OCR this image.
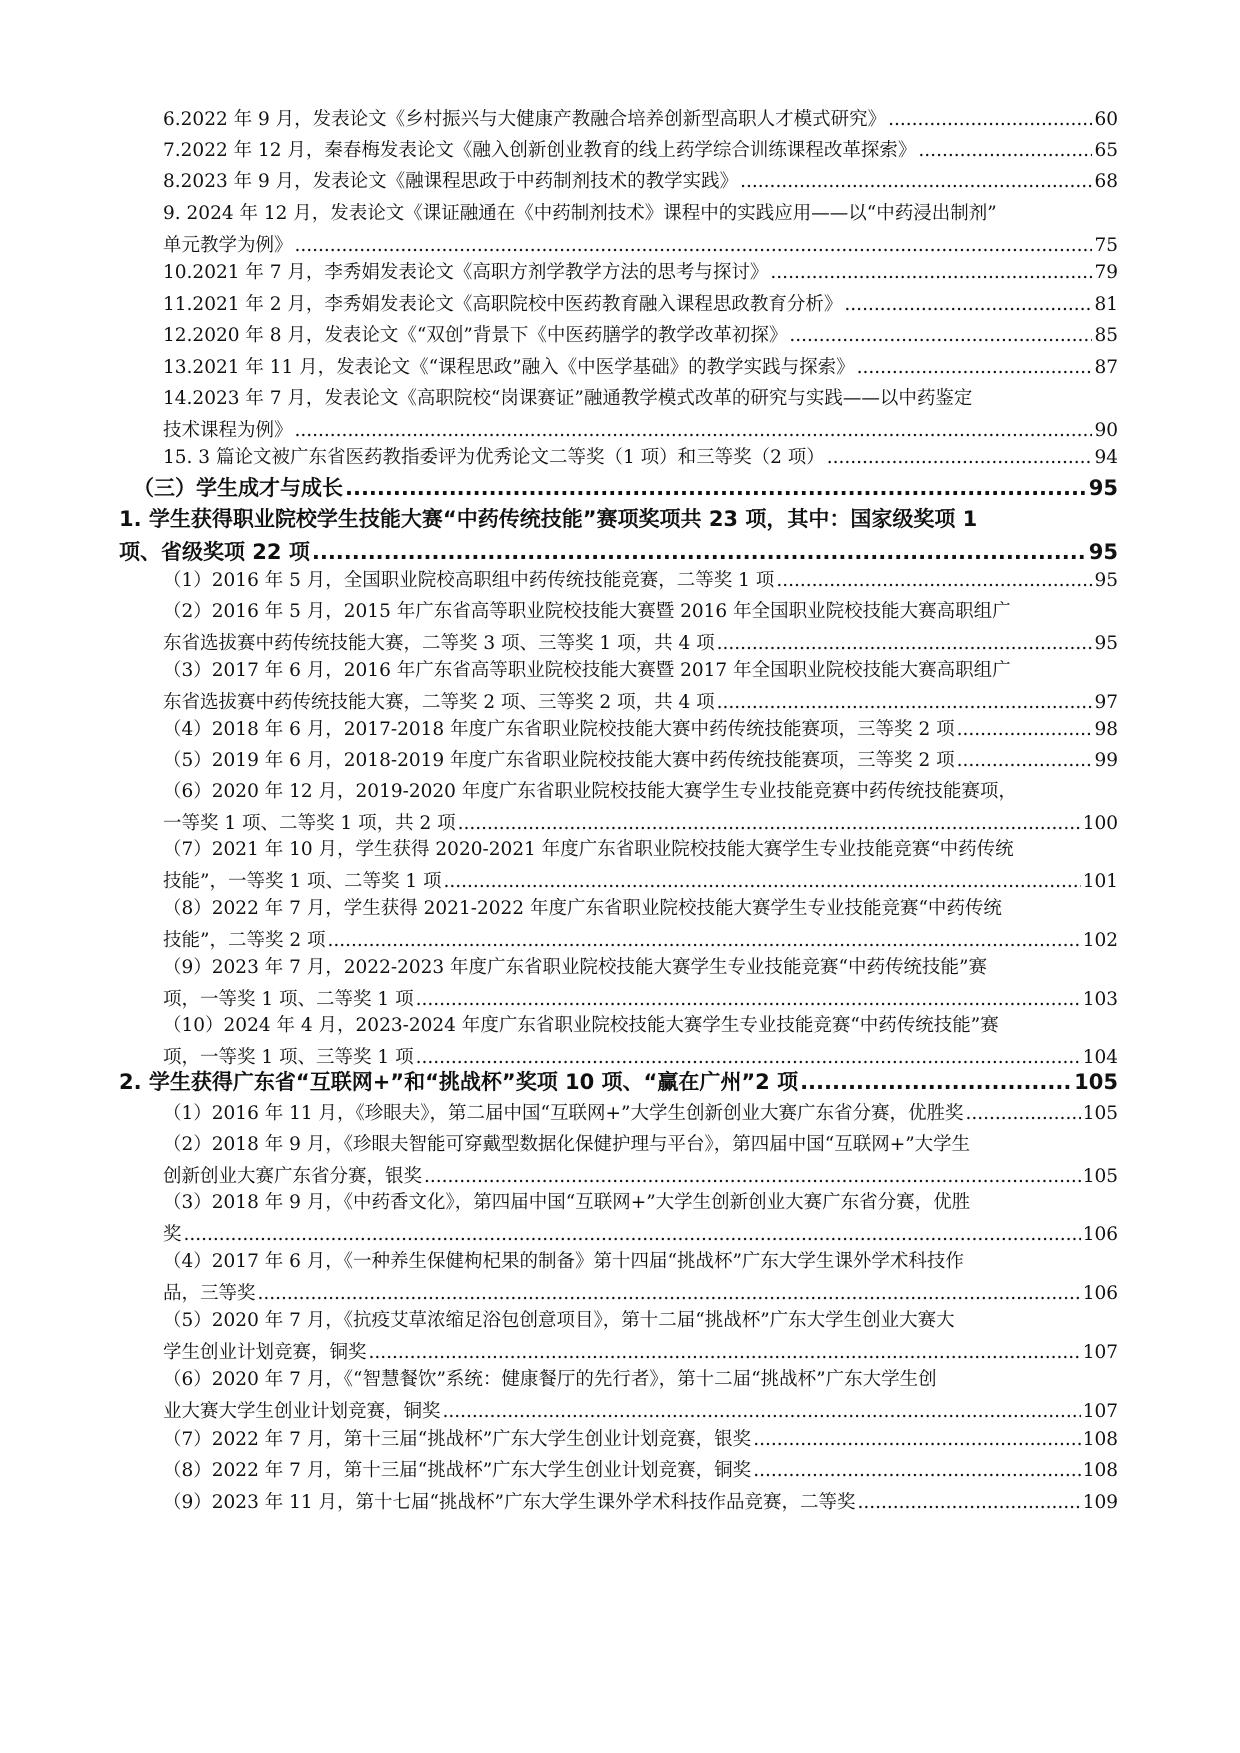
6.2022 年 9 月，发表论文《乡村振兴与大健康产教融合培养创新型高职人才模式研究》 .....	60
7.2022 年 12 月，秦春梅发表论文《融入创新创业教育的线上药学综合训练课程改革探索》 .....	65
8.2023 年 9 月，发表论文《融课程思政于中药制剂技术的教学实践》 .....	68
9. 2024 年 12 月，发表论文《课证融通在《中药制剂技术》课程中的实践应用——以“中药浸出制剂”
单元教学为例》 .....	75
10.2021 年 7 月，李秀娟发表论文《高职方剂学教学方法的思考与探讨》 .....	79
11.2021 年 2 月，李秀娟发表论文《高职院校中医药教育融入课程思政教育分析》 .....	81
12.2020 年 8 月，发表论文《“双创”背景下《中医药膳学的教学改革初探》 .....	85
13.2021 年 11 月，发表论文《“课程思政”融入《中医学基础》的教学实践与探索》 .....	87
14.2023 年 7 月，发表论文《高职院校“岗课赛证”融通教学模式改革的研究与实践——以中药鉴定
技术课程为例》 .....	90
15. 3 篇论文被广东省医药教指委评为优秀论文二等奖（1 项）和三等奖（2 项） .....	94
（三）学生成才与成长 .....	95
1. 学生获得职业院校学生技能大赛“中药传统技能”赛项奖项共 23 项，其中：国家级奖项 1
项、省级奖项 22 项 .....	95
（1）2016 年 5 月，全国职业院校高职组中药传统技能竞赛，二等奖 1 项 .....	95
（2）2016 年 5 月，2015 年广东省高等职业院校技能大赛暨 2016 年全国职业院校技能大赛高职组广
东省选拔赛中药传统技能大赛，二等奖 3 项、三等奖 1 项，共 4 项 .....	95
（3）2017 年 6 月，2016 年广东省高等职业院校技能大赛暨 2017 年全国职业院校技能大赛高职组广
东省选拔赛中药传统技能大赛，二等奖 2 项、三等奖 2 项，共 4 项 .....	97
（4）2018 年 6 月，2017-2018 年度广东省职业院校技能大赛中药传统技能赛项，三等奖 2 项 .....	98
（5）2019 年 6 月，2018-2019 年度广东省职业院校技能大赛中药传统技能赛项，三等奖 2 项 .....	99
（6）2020 年 12 月，2019-2020 年度广东省职业院校技能大赛学生专业技能竞赛中药传统技能赛项，
一等奖 1 项、二等奖 1 项，共 2 项 .....	100
（7）2021 年 10 月，学生获得 2020-2021 年度广东省职业院校技能大赛学生专业技能竞赛“中药传统
技能”，一等奖 1 项、二等奖 1 项 .....	101
（8）2022 年 7 月，学生获得 2021-2022 年度广东省职业院校技能大赛学生专业技能竞赛“中药传统
技能”，二等奖 2 项 .....	102
（9）2023 年 7 月，2022-2023 年度广东省职业院校技能大赛学生专业技能竞赛“中药传统技能”赛
项，一等奖 1 项、二等奖 1 项 .....	103
（10）2024 年 4 月，2023-2024 年度广东省职业院校技能大赛学生专业技能竞赛“中药传统技能”赛
项，一等奖 1 项、三等奖 1 项 .....	104
2. 学生获得广东省“互联网+”和“挑战杯”奖项 10 项、“赢在广州”2 项 .....	105
（1）2016 年 11 月，《珍眼夫》，第二届中国“互联网+”大学生创新创业大赛广东省分赛，优胜奖 .....	105
（2）2018 年 9 月，《珍眼夫智能可穿戴型数据化保健护理与平台》，第四届中国“互联网+”大学生
创新创业大赛广东省分赛，银奖 .....	105
（3）2018 年 9 月，《中药香文化》，第四届中国“互联网+”大学生创新创业大赛广东省分赛，优胜
奖 .....	106
（4）2017 年 6 月，《一种养生保健枸杞果的制备》第十四届“挑战杯”广东大学生课外学术科技作
品，三等奖 .....	106
（5）2020 年 7 月，《抗疫艾草浓缩足浴包创意项目》，第十二届“挑战杯”广东大学生创业大赛大
学生创业计划竞赛，铜奖 .....	107
（6）2020 年 7 月，《“智慧餐饮”系统：健康餐厅的先行者》，第十二届“挑战杯”广东大学生创
业大赛大学生创业计划竞赛，铜奖 .....	107
（7）2022 年 7 月，第十三届“挑战杯”广东大学生创业计划竞赛，银奖 .....	108
（8）2022 年 7 月，第十三届“挑战杯”广东大学生创业计划竞赛，铜奖 .....	108
（9）2023 年 11 月，第十七届“挑战杯”广东大学生课外学术科技作品竞赛，二等奖 .....	109
